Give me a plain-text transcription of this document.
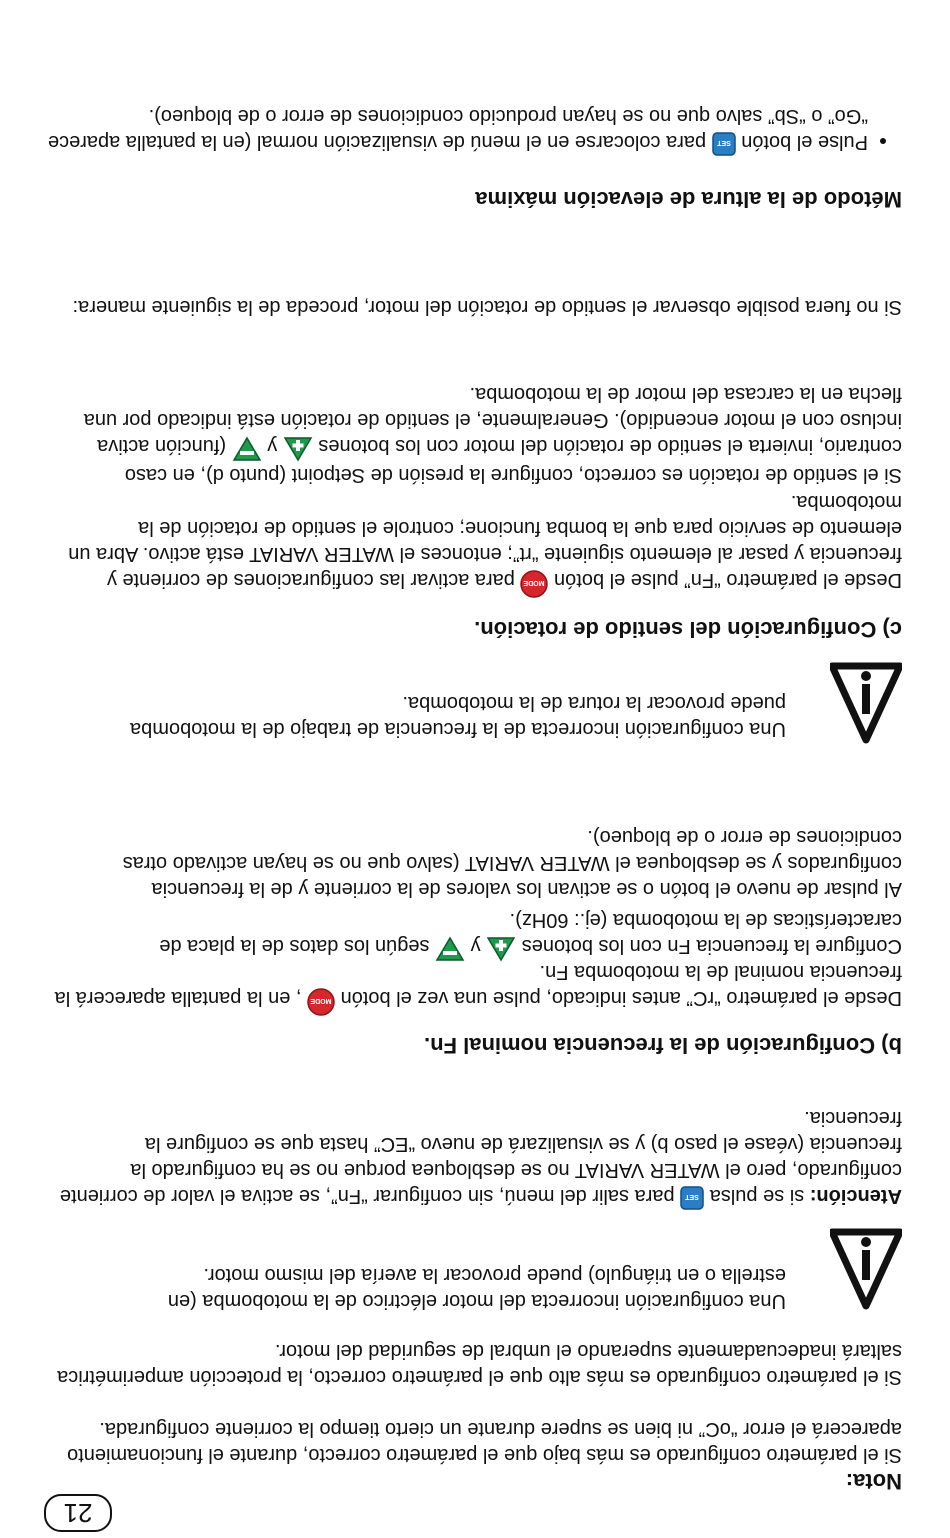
21
Nota:

Si el parámetro configurado es más bajo que el parámetro correcto, durante el funcionamiento aparecerá el error “oC” ni bien se supere durante un cierto tiempo la corriente configurada.

Si el parámetro configurado es más alto que el parámetro correcto, la protección amperimétrica saltará inadecuadamente superando el umbral de seguridad del motor.

Una configuración incorrecta del motor eléctrico de la motobomba (en estrella o en triángulo) puede provocar la avería del mismo motor.

Atención: si se pulsa
SET
para salir del menú, sin configurar “Fn”, se activa el valor de corriente configurado, pero el WATER VARIAT no se desbloquea porque no se ha configurado la frecuencia (véase el paso b) y se visualizará de nuevo “EC” hasta que se configure la frecuencia.

b) Configuración de la frecuencia nominal Fn.

Desde el parámetro “rC” antes indicado, pulse una vez el botón
MODE
, en la pantalla aparecerá la frecuencia nominal de la motobomba Fn.

Configure la frecuencia Fn con los botones  y  según los datos de la placa de características de la motobomba (ej.: 60Hz).

Al pulsar de nuevo el botón o se activan los valores de la corriente y de la frecuencia configurados y se desbloquea el WATER VARIAT (salvo que no se hayan activado otras condiciones de error o de bloqueo).

Una configuración incorrecta de la frecuencia de trabajo de la motobomba puede provocar la rotura de la motobomba.

c) Configuración del sentido de rotación.

Desde el parámetro “Fn” pulse el botón
MODE
para activar las configuraciones de corriente y frecuencia y pasar al elemento siguiente “rt”; entonces el WATER VARIAT está activo. Abra un elemento de servicio para que la bomba funcione; controle el sentido de rotación de la motobomba.

Si el sentido de rotación es correcto, configure la presión de Setpoint (punto d), en caso contrario, invierta el sentido de rotación del motor con los botones  y  (función activa incluso con el motor encendido). Generalmente, el sentido de rotación está indicado por una flecha en la carcasa del motor de la motobomba.

Si no fuera posible observar el sentido de rotación del motor, proceda de la siguiente manera:

Método de la altura de elevación máxima
• Pulse el botón
SET
para colocarse en el menú de visualización normal (en la pantalla aparece “Go” o “Sb” salvo que no se hayan producido condiciones de error o de bloqueo).
